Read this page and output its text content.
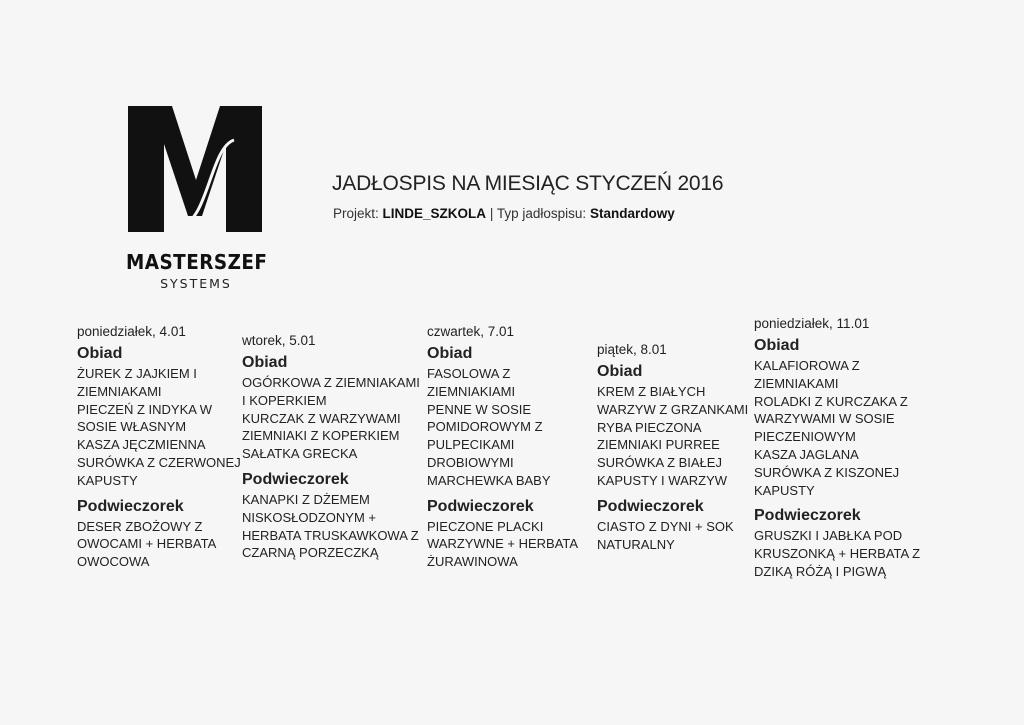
MASTERSZEF
SYSTEMS
JADŁOSPIS NA MIESIĄC STYCZEŃ 2016
Projekt: LINDE_SZKOLA | Typ jadłospisu: Standardowy
poniedziałek, 4.01
Obiad
ŻUREK Z JAJKIEM I
ZIEMNIAKAMI
PIECZEŃ Z INDYKA W
SOSIE WŁASNYM
KASZA JĘCZMIENNA
SURÓWKA Z CZERWONEJ
KAPUSTY
Podwieczorek
DESER ZBOŻOWY Z
OWOCAMI + HERBATA
OWOCOWA
wtorek, 5.01
Obiad
OGÓRKOWA Z ZIEMNIAKAMI
I KOPERKIEM
KURCZAK Z WARZYWAMI
ZIEMNIAKI Z KOPERKIEM
SAŁATKA GRECKA
Podwieczorek
KANAPKI Z DŻEMEM
NISKOSŁODZONYM +
HERBATA TRUSKAWKOWA Z
CZARNĄ PORZECZKĄ
czwartek, 7.01
Obiad
FASOLOWA Z
ZIEMNIAKIAMI
PENNE W SOSIE
POMIDOROWYM Z
PULPECIKAMI
DROBIOWYMI
MARCHEWKA BABY
Podwieczorek
PIECZONE PLACKI
WARZYWNE + HERBATA
ŻURAWINOWA
piątek, 8.01
Obiad
KREM Z BIAŁYCH
WARZYW Z GRZANKAMI
RYBA PIECZONA
ZIEMNIAKI PURREE
SURÓWKA Z BIAŁEJ
KAPUSTY I WARZYW
Podwieczorek
CIASTO Z DYNI + SOK
NATURALNY
poniedziałek, 11.01
Obiad
KALAFIOROWA Z
ZIEMNIAKAMI
ROLADKI Z KURCZAKA Z
WARZYWAMI W SOSIE
PIECZENIOWYM
KASZA JAGLANA
SURÓWKA Z KISZONEJ
KAPUSTY
Podwieczorek
GRUSZKI I JABŁKA POD
KRUSZONKĄ + HERBATA Z
DZIKĄ RÓŻĄ I PIGWĄ
